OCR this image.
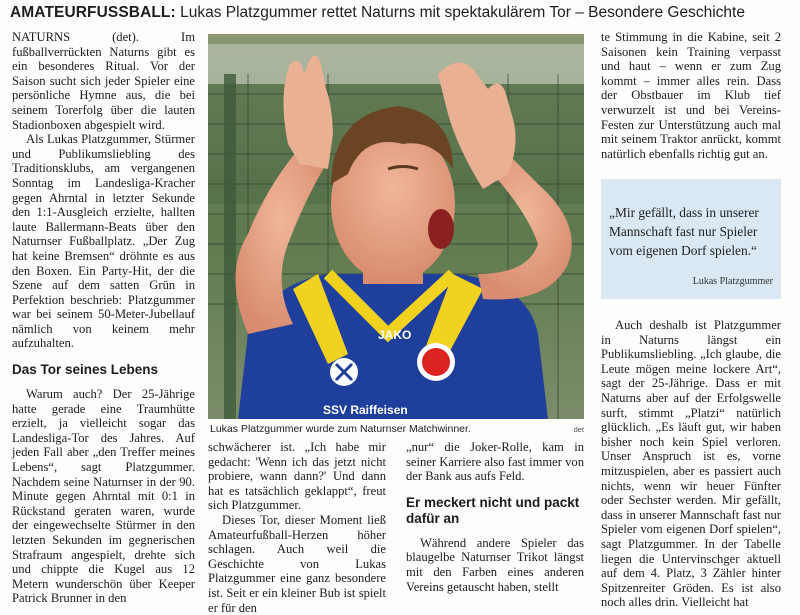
AMATEURFUSSBALL: Lukas Platzgummer rettet Naturns mit spektakulärem Tor – Besondere Geschichte

NATURNS (det). Im fußballverrückten Naturns gibt es ein besonderes Ritual. Vor der Saison sucht sich jeder Spieler eine persönliche Hymne aus, die bei seinem Torerfolg über die lauten Stadionboxen abgespielt wird.

Als Lukas Platzgummer, Stürmer und Publikumsliebling des Traditionsklubs, am vergangenen Sonntag im Landesliga-Kracher gegen Ahrntal in letzter Sekunde den 1:1-Ausgleich erzielte, hallten laute Ballermann-Beats über den Naturnser Fußballplatz. „Der Zug hat keine Bremsen“ dröhnte es aus den Boxen. Ein Party-Hit, der die Szene auf dem satten Grün in Perfektion beschrieb: Platzgummer war bei seinem 50-Meter-Jubellauf nämlich von keinem mehr aufzuhalten.

Das Tor seines Lebens

Warum auch? Der 25-Jährige hatte gerade eine Traumhütte erzielt, ja vielleicht sogar das Landesliga-Tor des Jahres. Auf jeden Fall aber „den Treffer meines Lebens“, sagt Platzgummer. Nachdem seine Naturnser in der 90. Minute gegen Ahrntal mit 0:1 in Rückstand geraten waren, wurde der eingewechselte Stürmer in den letzten Sekunden im gegnerischen Strafraum angespielt, drehte sich und chippte die Kugel aus 12 Metern wunderschön über Keeper Patrick Brunner in den

JAKO
SSV Raiffeisen
Lukas Platzgummer wurde zum Naturnser Matchwinner.	det

schwächerer ist. „Ich habe mir gedacht: 'Wenn ich das jetzt nicht probiere, wann dann?' Und dann hat es tatsächlich geklappt“, freut sich Platzgummer.

Dieses Tor, dieser Moment ließ Amateurfußball-Herzen höher schlagen. Auch weil die Geschichte von Lukas Platzgummer eine ganz besondere ist. Seit er ein kleiner Bub ist spielt er für den

„nur“ die Joker-Rolle, kam in seiner Karriere also fast immer von der Bank aus aufs Feld.

Er meckert nicht und packt dafür an

Während andere Spieler das blaugelbe Naturnser Trikot längst mit den Farben eines anderen Vereins getauscht haben, stellt

te Stimmung in die Kabine, seit 2 Saisonen kein Training verpasst und haut – wenn er zum Zug kommt – immer alles rein. Dass der Obstbauer im Klub tief verwurzelt ist und bei Vereins-Festen zur Unterstützung auch mal mit seinem Traktor anrückt, kommt natürlich ebenfalls richtig gut an.

„Mir gefällt, dass in unserer Mannschaft fast nur Spieler vom eigenen Dorf spielen.“
Lukas Platzgummer

Auch deshalb ist Platzgummer in Naturns längst ein Publikumsliebling. „Ich glaube, die Leute mögen meine lockere Art“, sagt der 25-Jährige. Dass er mit Naturns aber auf der Erfolgswelle surft, stimmt „Platzi“ natürlich glücklich. „Es läuft gut, wir haben bisher noch kein Spiel verloren. Unser Anspruch ist es, vorne mitzuspielen, aber es passiert auch nichts, wenn wir heuer Fünfter oder Sechster werden. Mir gefällt, dass in unserer Mannschaft fast nur Spieler vom eigenen Dorf spielen“, sagt Platzgummer. In der Tabelle liegen die Untervinschger aktuell auf dem 4. Platz, 3 Zähler hinter Spitzenreiter Gröden. Es ist also noch alles drin. Vielleicht hat
